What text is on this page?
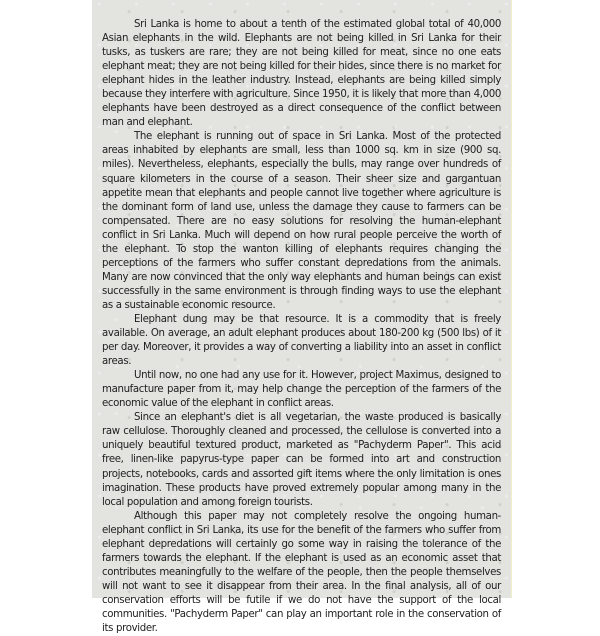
Sri Lanka is home to about a tenth of the estimated global total of 40,000 Asian elephants in the wild. Elephants are not being killed in Sri Lanka for their tusks, as tuskers are rare; they are not being killed for meat, since no one eats elephant meat; they are not being killed for their hides, since there is no market for elephant hides in the leather industry. Instead, elephants are being killed simply because they interfere with agriculture. Since 1950, it is likely that more than 4,000 elephants have been destroyed as a direct consequence of the conflict between man and elephant.

The elephant is running out of space in Sri Lanka. Most of the protected areas inhabited by elephants are small, less than 1000 sq. km in size (900 sq. miles). Nevertheless, elephants, especially the bulls, may range over hundreds of square kilometers in the course of a season. Their sheer size and gargantuan appetite mean that elephants and people cannot live together where agriculture is the dominant form of land use, unless the damage they cause to farmers can be compensated. There are no easy solutions for resolving the human-elephant conflict in Sri Lanka. Much will depend on how rural people perceive the worth of the elephant. To stop the wanton killing of elephants requires changing the perceptions of the farmers who suffer constant depredations from the animals. Many are now convinced that the only way elephants and human beings can exist successfully in the same environment is through finding ways to use the elephant as a sustainable economic resource.

Elephant dung may be that resource. It is a commodity that is freely available. On average, an adult elephant produces about 180-200 kg (500 lbs) of it per day. Moreover, it provides a way of converting a liability into an asset in conflict areas.

Until now, no one had any use for it. However, project Maximus, designed to manufacture paper from it, may help change the perception of the farmers of the economic value of the elephant in conflict areas.

Since an elephant's diet is all vegetarian, the waste produced is basically raw cellulose. Thoroughly cleaned and processed, the cellulose is converted into a uniquely beautiful textured product, marketed as "Pachyderm Paper". This acid free, linen-like papyrus-type paper can be formed into art and construction projects, notebooks, cards and assorted gift items where the only limitation is ones imagination. These products have proved extremely popular among many in the local population and among foreign tourists.

Although this paper may not completely resolve the ongoing human-elephant conflict in Sri Lanka, its use for the benefit of the farmers who suffer from elephant depredations will certainly go some way in raising the tolerance of the farmers towards the elephant. If the elephant is used as an economic asset that contributes meaningfully to the welfare of the people, then the people themselves will not want to see it disappear from their area. In the final analysis, all of our conservation efforts will be futile if we do not have the support of the local communities. "Pachyderm Paper" can play an important role in the conservation of its provider.
